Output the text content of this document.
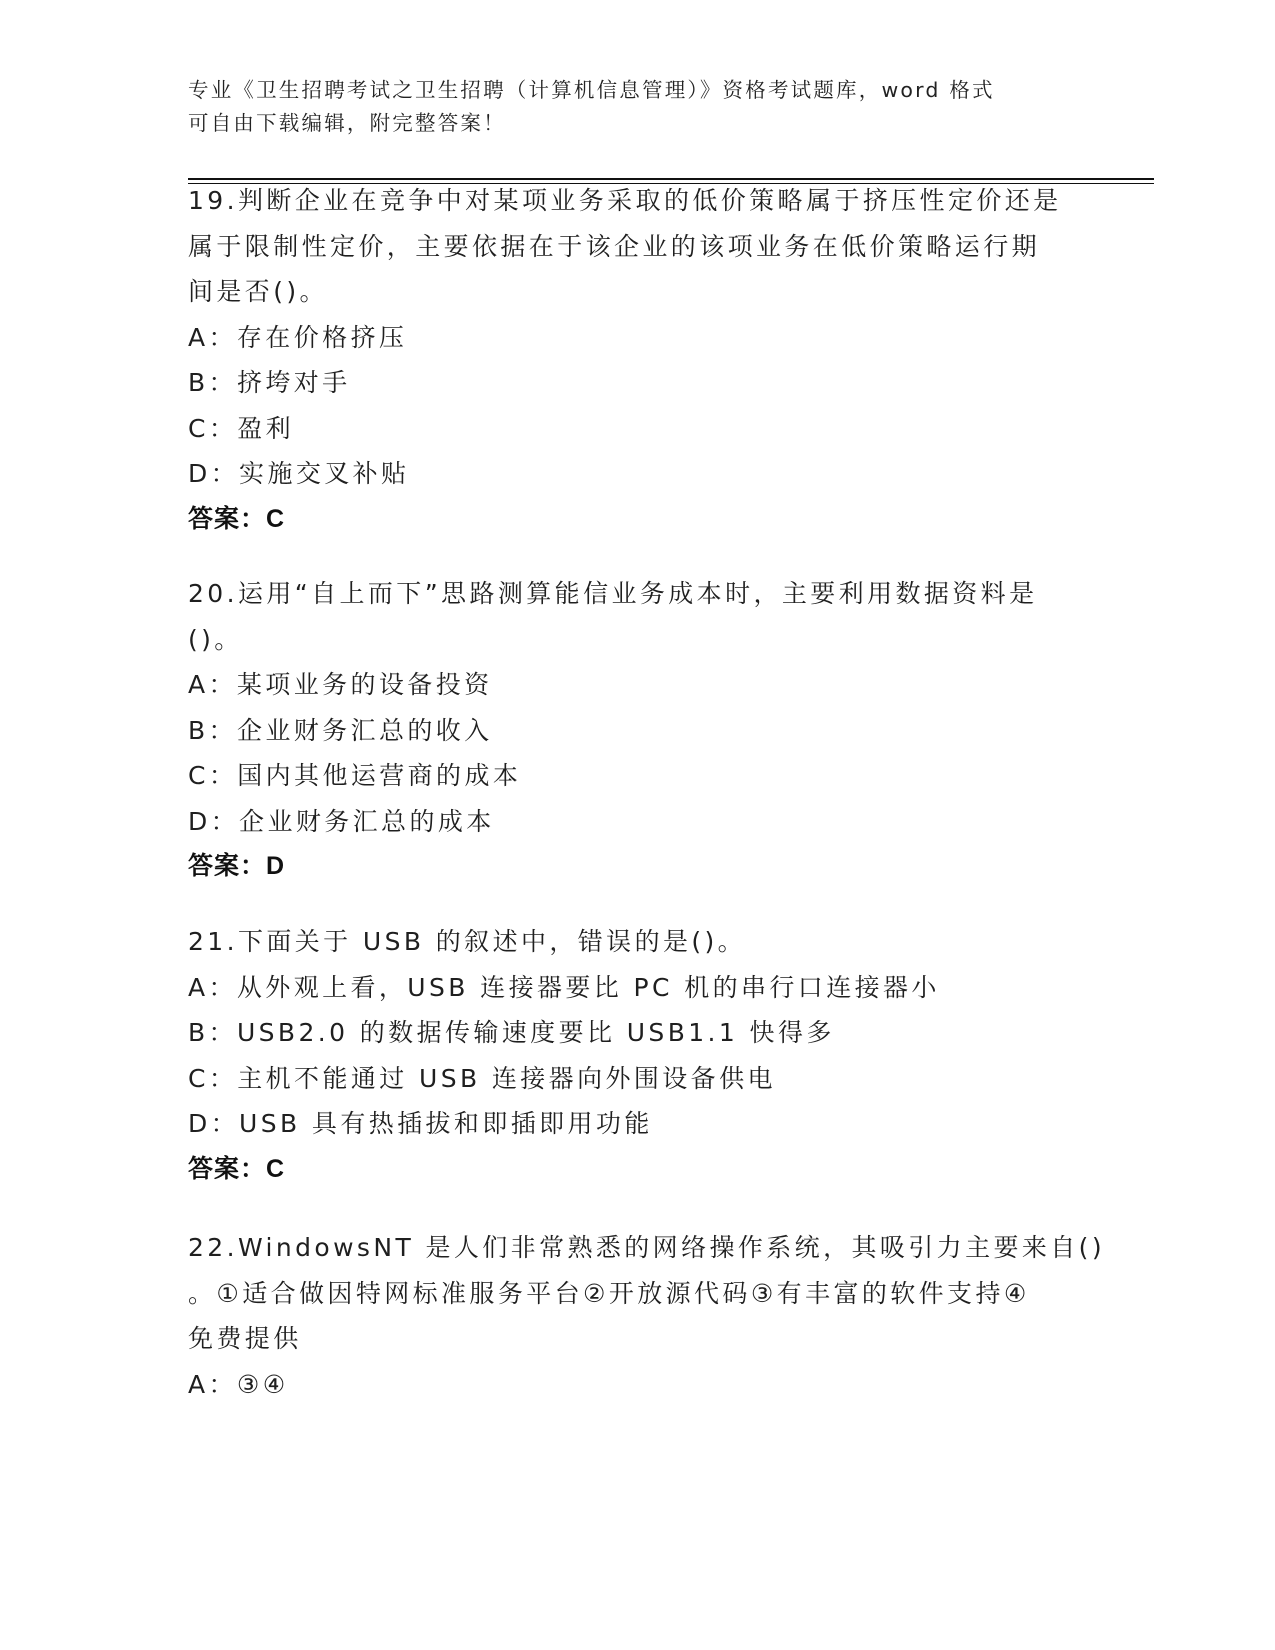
专业《卫生招聘考试之卫生招聘（计算机信息管理）》资格考试题库，word 格式
可自由下载编辑，附完整答案！
19.判断企业在竞争中对某项业务采取的低价策略属于挤压性定价还是
属于限制性定价，主要依据在于该企业的该项业务在低价策略运行期
间是否()。
A：存在价格挤压
B：挤垮对手
C：盈利
D：实施交叉补贴
答案：C
20.运用“自上而下”思路测算能信业务成本时，主要利用数据资料是
()。
A：某项业务的设备投资
B：企业财务汇总的收入
C：国内其他运营商的成本
D：企业财务汇总的成本
答案：D
21.下面关于 USB 的叙述中，错误的是()。
A：从外观上看，USB 连接器要比 PC 机的串行口连接器小
B：USB2.0 的数据传输速度要比 USB1.1 快得多
C：主机不能通过 USB 连接器向外围设备供电
D：USB 具有热插拔和即插即用功能
答案：C
22.WindowsNT 是人们非常熟悉的网络操作系统，其吸引力主要来自()
。①适合做因特网标准服务平台②开放源代码③有丰富的软件支持④
免费提供
A：③④
